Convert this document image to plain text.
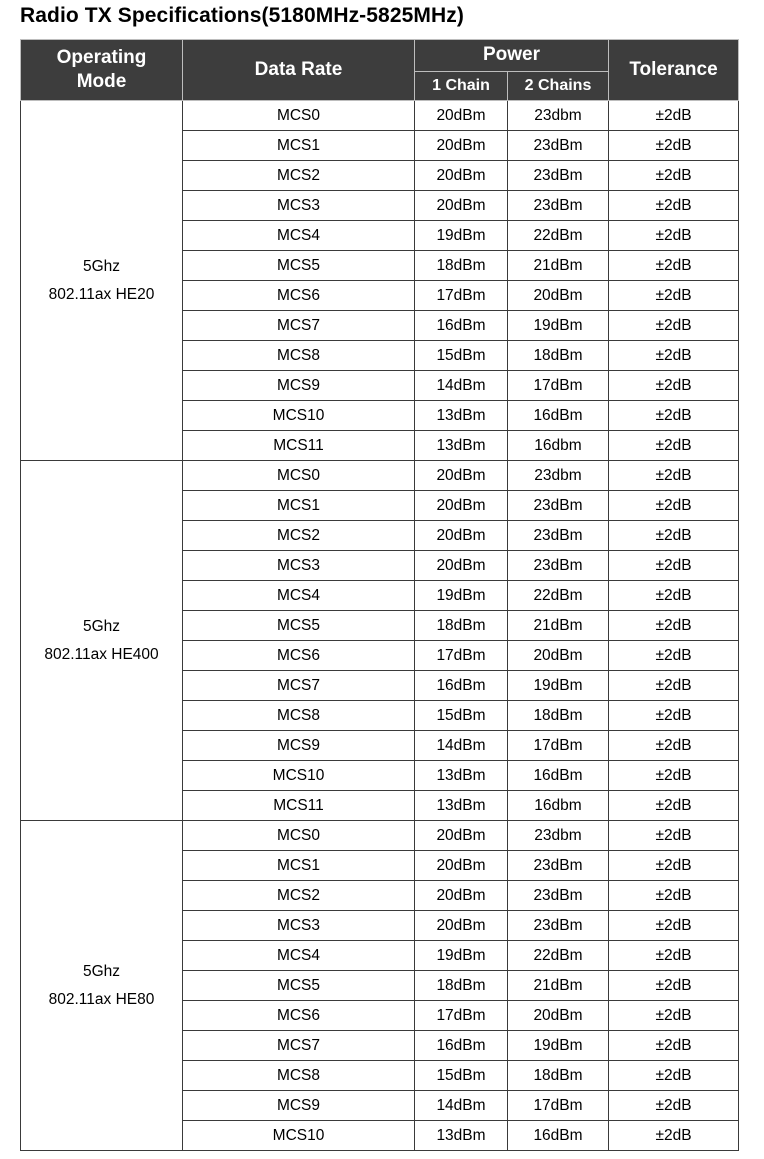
Radio TX Specifications(5180MHz-5825MHz)
Operating
Mode	Data Rate	Power		Tolerance
		1 Chain	2 Chains	

5Ghz
802.11ax HE20	MCS0	20dBm	23dbm	±2dB
	MCS1	20dBm	23dBm	±2dB
	MCS2	20dBm	23dBm	±2dB
	MCS3	20dBm	23dBm	±2dB
	MCS4	19dBm	22dBm	±2dB
	MCS5	18dBm	21dBm	±2dB
	MCS6	17dBm	20dBm	±2dB
	MCS7	16dBm	19dBm	±2dB
	MCS8	15dBm	18dBm	±2dB
	MCS9	14dBm	17dBm	±2dB
	MCS10	13dBm	16dBm	±2dB
	MCS11	13dBm	16dbm	±2dB

5Ghz
802.11ax HE400	MCS0	20dBm	23dbm	±2dB
	MCS1	20dBm	23dBm	±2dB
	MCS2	20dBm	23dBm	±2dB
	MCS3	20dBm	23dBm	±2dB
	MCS4	19dBm	22dBm	±2dB
	MCS5	18dBm	21dBm	±2dB
	MCS6	17dBm	20dBm	±2dB
	MCS7	16dBm	19dBm	±2dB
	MCS8	15dBm	18dBm	±2dB
	MCS9	14dBm	17dBm	±2dB
	MCS10	13dBm	16dBm	±2dB
	MCS11	13dBm	16dbm	±2dB

5Ghz
802.11ax HE80	MCS0	20dBm	23dbm	±2dB
	MCS1	20dBm	23dBm	±2dB
	MCS2	20dBm	23dBm	±2dB
	MCS3	20dBm	23dBm	±2dB
	MCS4	19dBm	22dBm	±2dB
	MCS5	18dBm	21dBm	±2dB
	MCS6	17dBm	20dBm	±2dB
	MCS7	16dBm	19dBm	±2dB
	MCS8	15dBm	18dBm	±2dB
	MCS9	14dBm	17dBm	±2dB
	MCS10	13dBm	16dBm	±2dB
